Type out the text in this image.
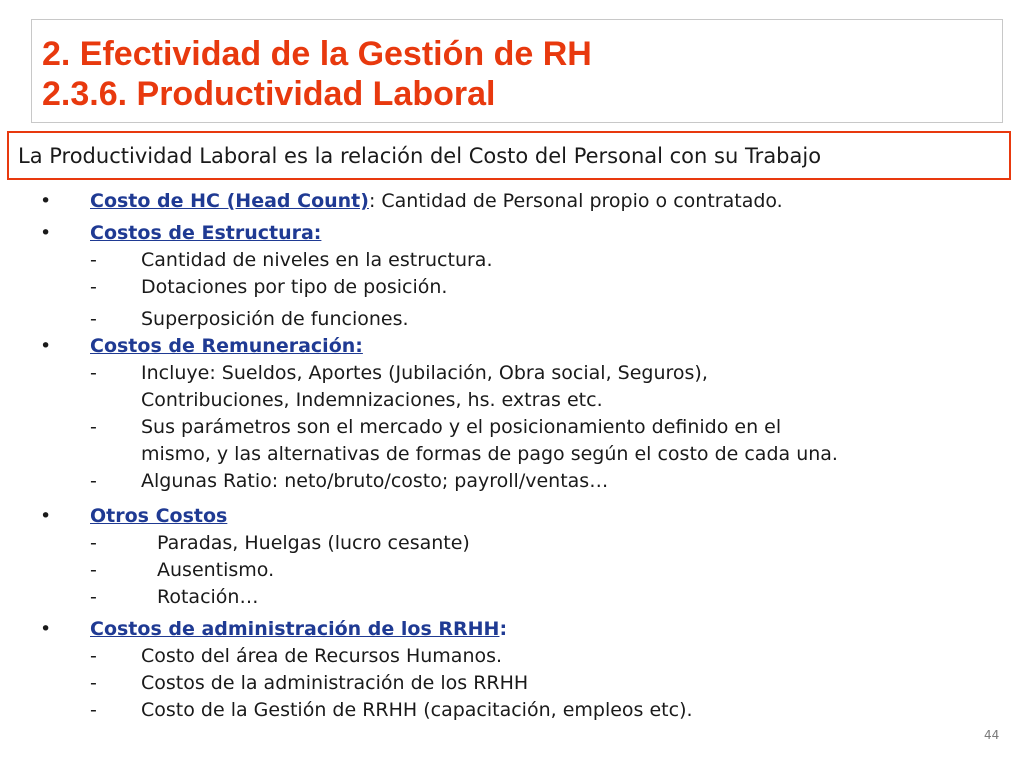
2. Efectividad de la Gestión de RH
2.3.6. Productividad Laboral
La Productividad Laboral es la relación del Costo del Personal con su Trabajo
• Costo de HC (Head Count): Cantidad de Personal propio o contratado.
• Costos de Estructura:
- Cantidad de niveles en la estructura.
- Dotaciones por tipo de posición.
- Superposición de funciones.
• Costos de Remuneración:
- Incluye: Sueldos, Aportes (Jubilación, Obra social, Seguros),
Contribuciones, Indemnizaciones, hs. extras etc.
- Sus parámetros son el mercado y el posicionamiento definido en el
mismo, y las alternativas de formas de pago según el costo de cada una.
- Algunas Ratio: neto/bruto/costo; payroll/ventas…
• Otros Costos
-	Paradas, Huelgas (lucro cesante)
-	Ausentismo.
-	Rotación…
• Costos de administración de los RRHH:
- Costo del área de Recursos Humanos.
- Costos de la administración de los RRHH
- Costo de la Gestión de RRHH (capacitación, empleos etc).
44
